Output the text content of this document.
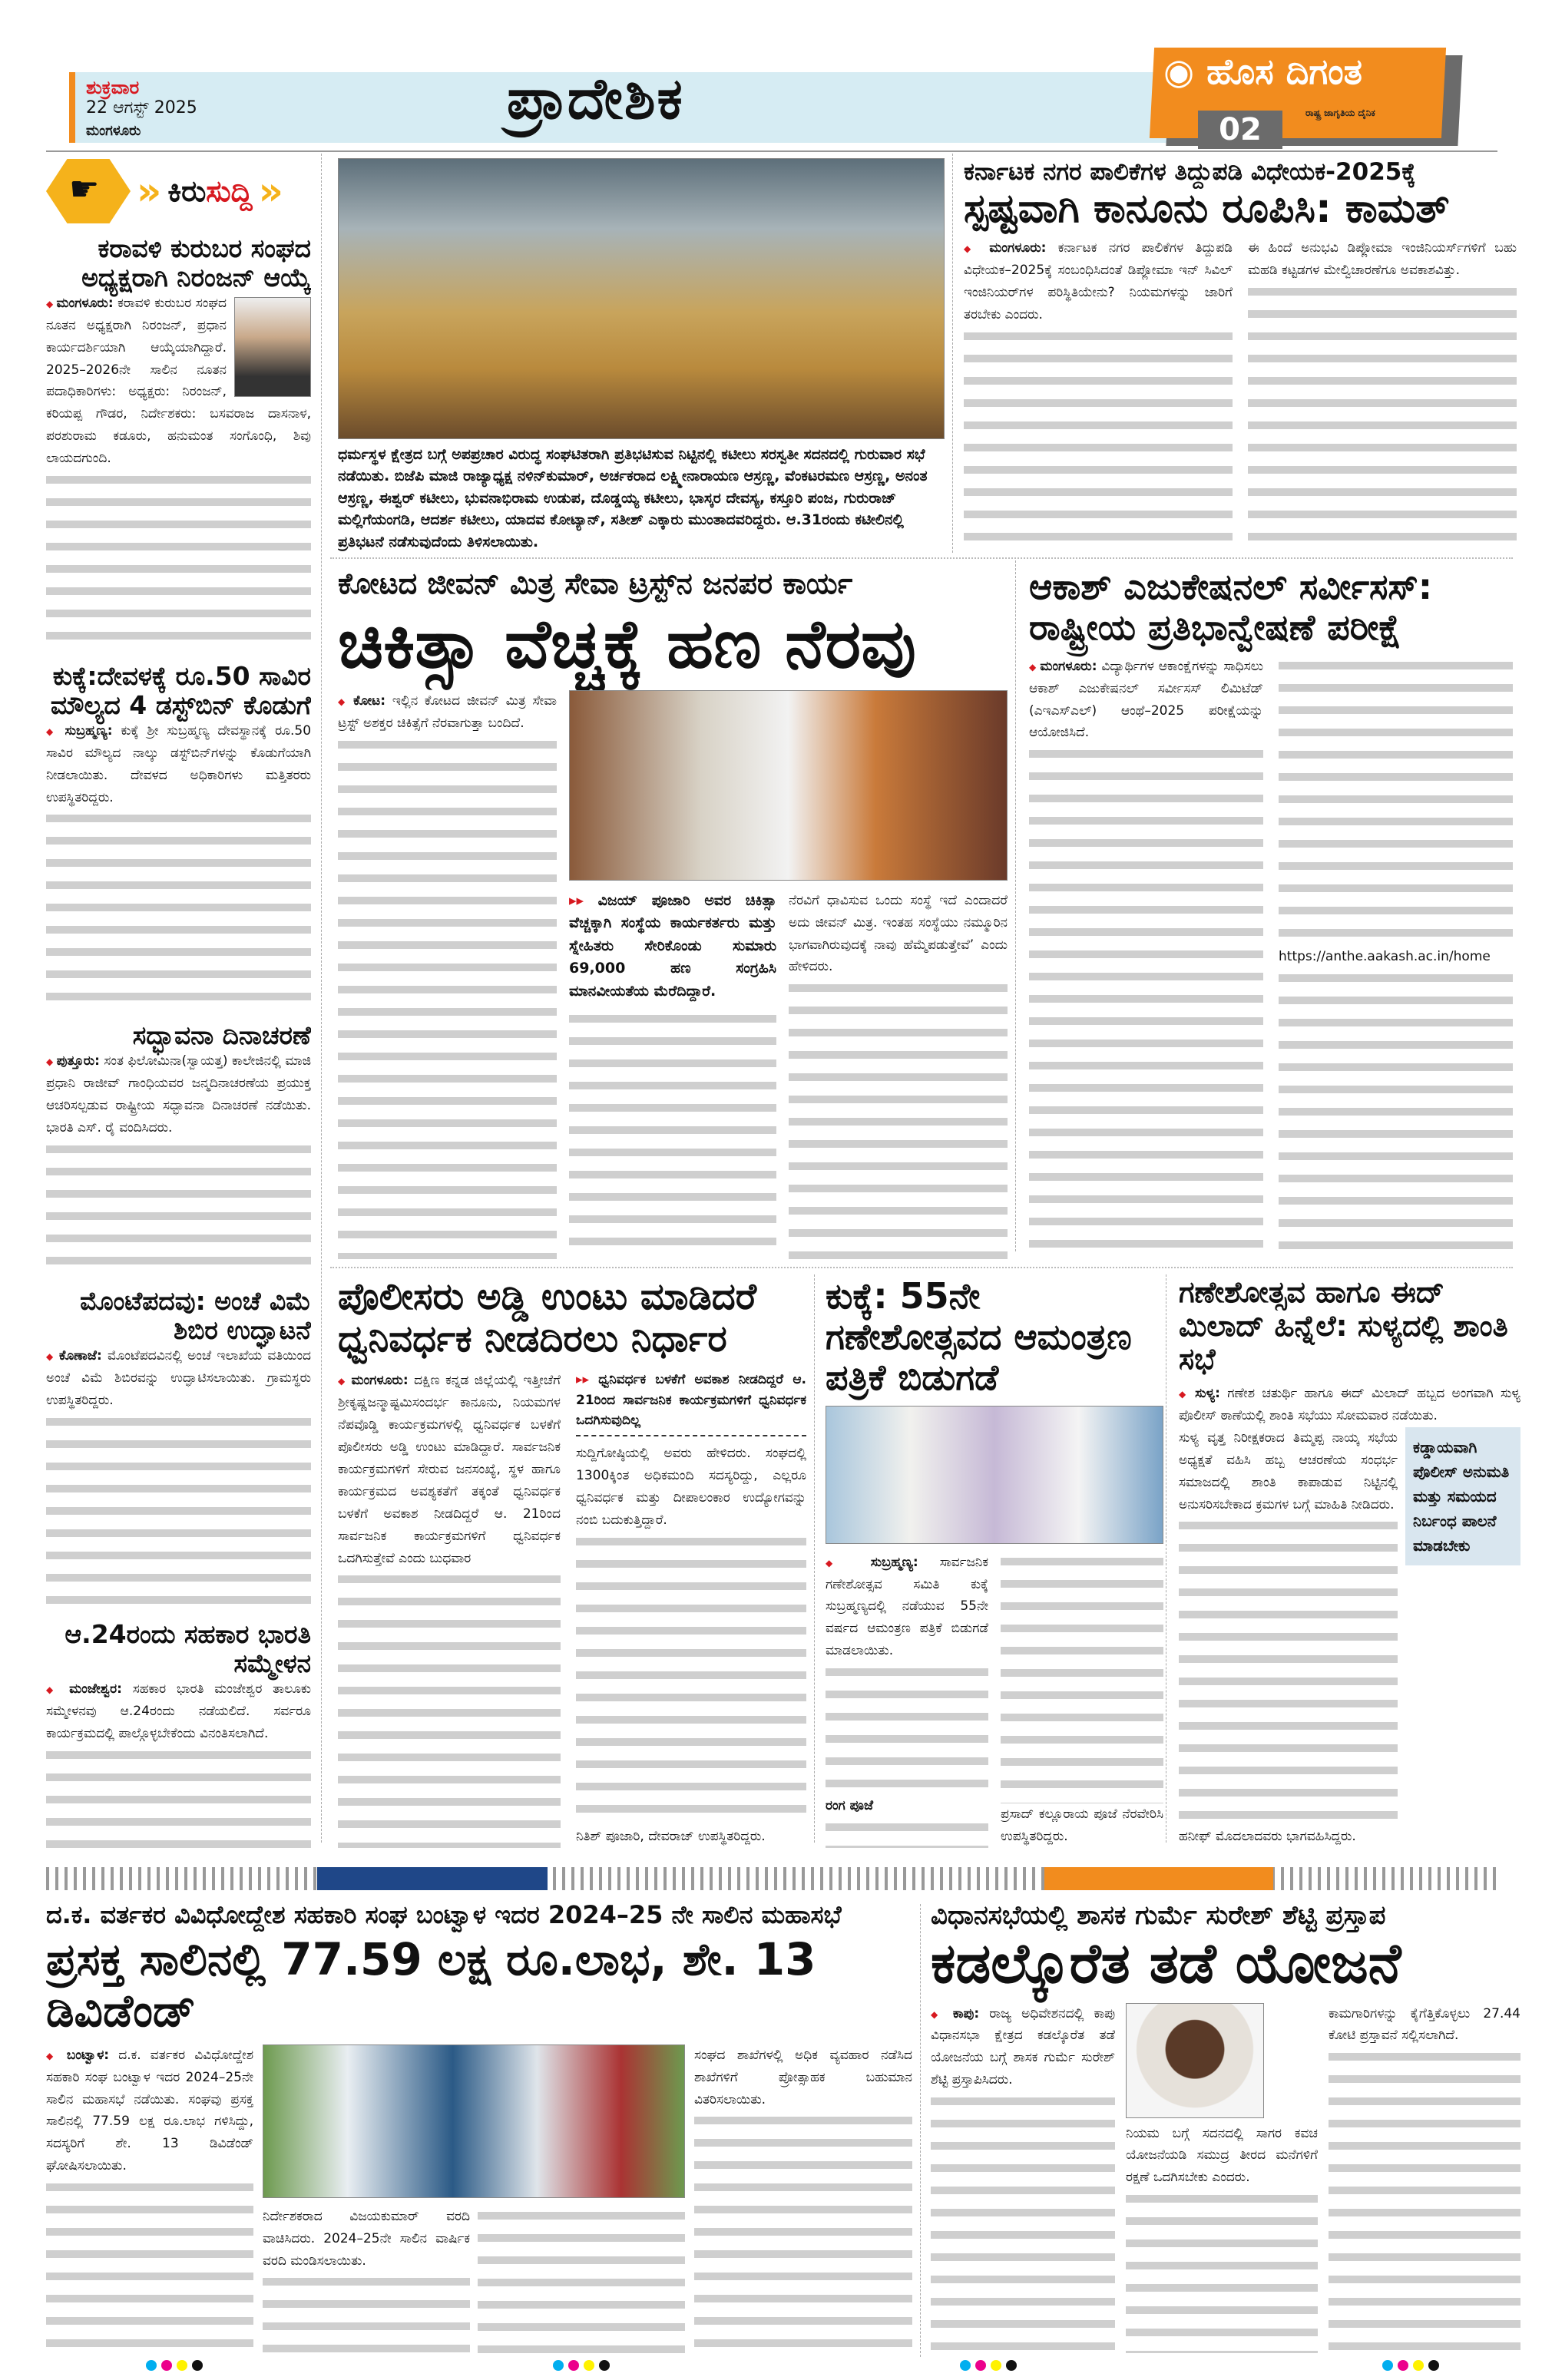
ಶುಕ್ರವಾರ
22 ಆಗಸ್ಟ್ 2025
ಮಂಗಳೂರು	ಪ್ರಾದೇಶಿಕ	◉ ಹೊಸ ದಿಗಂತ
ರಾಷ್ಟ್ರ ಜಾಗೃತಿಯ ದೈನಿಕ
02
☛ » ಕಿರುಸುದ್ದಿ »
ಕರಾವಳಿ ಕುರುಬರ ಸಂಘದ ಅಧ್ಯಕ್ಷರಾಗಿ ನಿರಂಜನ್ ಆಯ್ಕೆ
◆ ಮಂಗಳೂರು: ಕರಾವಳಿ ಕುರುಬರ ಸಂಘದ ನೂತನ ಅಧ್ಯಕ್ಷರಾಗಿ ನಿರಂಜನ್, ಪ್ರಧಾನ ಕಾರ್ಯದರ್ಶಿಯಾಗಿ ಆಯ್ಕೆಯಾಗಿದ್ದಾರೆ. 2025–2026ನೇ ಸಾಲಿನ ನೂತನ ಪದಾಧಿಕಾರಿಗಳು: ಅಧ್ಯಕ್ಷರು: ನಿರಂಜನ್, ಕರಿಯಪ್ಪ ಗೌಡರ, ನಿರ್ದೇಶಕರು: ಬಸವರಾಜ ದಾಸನಾಳ, ಪರಶುರಾಮ ಕಡೂರು, ಹನುಮಂತ ಸಂಗೊಂಧಿ, ಶಿವು ಲಾಯದಗುಂದಿ.
ಕುಕ್ಕೆ:ದೇವಳಕ್ಕೆ ರೂ.50 ಸಾವಿರ ಮೌಲ್ಯದ 4 ಡಸ್ಟ್‌ಬಿನ್ ಕೊಡುಗೆ

◆ ಸುಬ್ರಹ್ಮಣ್ಯ: ಕುಕ್ಕೆ ಶ್ರೀ ಸುಬ್ರಹ್ಮಣ್ಯ ದೇವಸ್ಥಾನಕ್ಕೆ ರೂ.50 ಸಾವಿರ ಮೌಲ್ಯದ ನಾಲ್ಕು ಡಸ್ಟ್‌ಬಿನ್‌ಗಳನ್ನು ಕೊಡುಗೆಯಾಗಿ ನೀಡಲಾಯಿತು. ದೇವಳದ ಅಧಿಕಾರಿಗಳು ಮತ್ತಿತರರು ಉಪಸ್ಥಿತರಿದ್ದರು.

ಸದ್ಭಾವನಾ ದಿನಾಚರಣೆ

◆ ಪುತ್ತೂರು: ಸಂತ ಫಿಲೋಮಿನಾ(ಸ್ವಾಯತ್ತ) ಕಾಲೇಜಿನಲ್ಲಿ ಮಾಜಿ ಪ್ರಧಾನಿ ರಾಜೀವ್ ಗಾಂಧಿಯವರ ಜನ್ಮದಿನಾಚರಣೆಯ ಪ್ರಯುಕ್ತ ಆಚರಿಸಲ್ಪಡುವ ರಾಷ್ಟ್ರೀಯ ಸದ್ಭಾವನಾ ದಿನಾಚರಣೆ ನಡೆಯಿತು. ಭಾರತಿ ಎಸ್. ರೈ ವಂದಿಸಿದರು.

ಮೊಂಟೆಪದವು: ಅಂಚೆ ವಿಮೆ ಶಿಬಿರ ಉದ್ಘಾಟನೆ

◆ ಕೊಣಾಜೆ: ಮೊಂಟೆಪದವಿನಲ್ಲಿ ಅಂಚೆ ಇಲಾಖೆಯ ವತಿಯಿಂದ ಅಂಚೆ ವಿಮೆ ಶಿಬಿರವನ್ನು ಉದ್ಘಾಟಿಸಲಾಯಿತು. ಗ್ರಾಮಸ್ಥರು ಉಪಸ್ಥಿತರಿದ್ದರು.

ಆ.24ರಂದು ಸಹಕಾರ ಭಾರತಿ ಸಮ್ಮೇಳನ

◆ ಮಂಜೇಶ್ವರ: ಸಹಕಾರ ಭಾರತಿ ಮಂಜೇಶ್ವರ ತಾಲೂಕು ಸಮ್ಮೇಳನವು ಆ.24ರಂದು ನಡೆಯಲಿದೆ. ಸರ್ವರೂ ಕಾರ್ಯಕ್ರಮದಲ್ಲಿ ಪಾಲ್ಗೊಳ್ಳಬೇಕೆಂದು ವಿನಂತಿಸಲಾಗಿದೆ.

ಧರ್ಮಸ್ಥಳ ಕ್ಷೇತ್ರದ ಬಗ್ಗೆ ಅಪಪ್ರಚಾರ ವಿರುದ್ಧ ಸಂಘಟಿತರಾಗಿ ಪ್ರತಿಭಟಿಸುವ ನಿಟ್ಟಿನಲ್ಲಿ ಕಟೀಲು ಸರಸ್ವತೀ ಸದನದಲ್ಲಿ ಗುರುವಾರ ಸಭೆ ನಡೆಯಿತು. ಬಿಜೆಪಿ ಮಾಜಿ ರಾಜ್ಯಾಧ್ಯಕ್ಷ ನಳಿನ್‌ಕುಮಾರ್, ಅರ್ಚಕರಾದ ಲಕ್ಷ್ಮೀನಾರಾಯಣ ಆಸ್ರಣ್ಣ, ವೆಂಕಟರಮಣ ಆಸ್ರಣ್ಣ, ಅನಂತ ಆಸ್ರಣ್ಣ, ಈಶ್ವರ್ ಕಟೀಲು, ಭುವನಾಭಿರಾಮ ಉಡುಪ, ದೊಡ್ಡಯ್ಯ ಕಟೀಲು, ಭಾಸ್ಕರ ದೇವಸ್ಯ, ಕಸ್ತೂರಿ ಪಂಜ, ಗುರುರಾಜ್ ಮಲ್ಲಿಗೆಯಂಗಡಿ, ಆದರ್ಶ ಕಟೀಲು, ಯಾದವ ಕೋಟ್ಯಾನ್, ಸತೀಶ್ ಎಕ್ಕಾರು ಮುಂತಾದವರಿದ್ದರು. ಆ.31ರಂದು ಕಟೀಲಿನಲ್ಲಿ ಪ್ರತಿಭಟನೆ ನಡೆಸುವುದೆಂದು ತಿಳಿಸಲಾಯಿತು.
ಕರ್ನಾಟಕ ನಗರ ಪಾಲಿಕೆಗಳ ತಿದ್ದುಪಡಿ ವಿಧೇಯಕ-2025ಕ್ಕೆ
ಸ್ಪಷ್ಟವಾಗಿ ಕಾನೂನು ರೂಪಿಸಿ: ಕಾಮತ್

◆ ಮಂಗಳೂರು: ಕರ್ನಾಟಕ ನಗರ ಪಾಲಿಕೆಗಳ ತಿದ್ದುಪಡಿ ವಿಧೇಯಕ–2025ಕ್ಕೆ ಸಂಬಂಧಿಸಿದಂತೆ ಡಿಪ್ಲೋಮಾ ಇನ್ ಸಿವಿಲ್ ಇಂಜಿನಿಯರ್‌ಗಳ ಪರಿಸ್ಥಿತಿಯೇನು? ನಿಯಮಗಳನ್ನು ಜಾರಿಗೆ ತರಬೇಕು ಎಂದರು.

ಈ ಹಿಂದೆ ಅನುಭವಿ ಡಿಪ್ಲೋಮಾ ಇಂಜಿನಿಯರ್ಸ್‌ಗಳಿಗೆ ಬಹು ಮಹಡಿ ಕಟ್ಟಡಗಳ ಮೇಲ್ವಿಚಾರಣೆಗೂ ಅವಕಾಶವಿತ್ತು.

ಕೋಟದ ಜೀವನ್ ಮಿತ್ರ ಸೇವಾ ಟ್ರಸ್ಟ್‌ನ ಜನಪರ ಕಾರ್ಯ
ಚಿಕಿತ್ಸಾ ವೆಚ್ಚಕ್ಕೆ ಹಣ ನೆರವು

◆ ಕೋಟ: ಇಲ್ಲಿನ ಕೋಟದ ಜೀವನ್ ಮಿತ್ರ ಸೇವಾ ಟ್ರಸ್ಟ್ ಅಶಕ್ತರ ಚಿಕಿತ್ಸೆಗೆ ನೆರವಾಗುತ್ತಾ ಬಂದಿದೆ.

▸▸ ವಿಜಯ್ ಪೂಜಾರಿ ಅವರ ಚಿಕಿತ್ಸಾ ವೆಚ್ಚಕ್ಕಾಗಿ ಸಂಸ್ಥೆಯ ಕಾರ್ಯಕರ್ತರು ಮತ್ತು ಸ್ನೇಹಿತರು ಸೇರಿಕೊಂಡು ಸುಮಾರು 69,000 ಹಣ ಸಂಗ್ರಹಿಸಿ ಮಾನವೀಯತೆಯ ಮೆರೆದಿದ್ದಾರೆ.

ನೆರವಿಗೆ ಧಾವಿಸುವ ಒಂದು ಸಂಸ್ಥೆ ಇದೆ ಎಂದಾದರೆ ಅದು ಜೀವನ್ ಮಿತ್ರ. ಇಂತಹ ಸಂಸ್ಥೆಯು ನಮ್ಮೂರಿನ ಭಾಗವಾಗಿರುವುದಕ್ಕೆ ನಾವು ಹೆಮ್ಮೆಪಡುತ್ತೇವೆ’ ಎಂದು ಹೇಳಿದರು.

ಆಕಾಶ್ ಎಜುಕೇಷನಲ್ ಸರ್ವೀಸಸ್: ರಾಷ್ಟ್ರೀಯ ಪ್ರತಿಭಾನ್ವೇಷಣೆ ಪರೀಕ್ಷೆ

◆ ಮಂಗಳೂರು: ವಿದ್ಯಾರ್ಥಿಗಳ ಆಕಾಂಕ್ಷೆಗಳನ್ನು ಸಾಧಿಸಲು ಆಕಾಶ್ ಎಜುಕೇಷನಲ್ ಸರ್ವೀಸಸ್ ಲಿಮಿಟೆಡ್ (ಎಇಎಸ್‌ಎಲ್) ಆಂಥೆ–2025 ಪರೀಕ್ಷೆಯನ್ನು ಆಯೋಜಿಸಿದೆ.

https://anthe.aakash.ac.in/home

ಪೊಲೀಸರು ಅಡ್ಡಿ ಉಂಟು ಮಾಡಿದರೆ ಧ್ವನಿವರ್ಧಕ ನೀಡದಿರಲು ನಿರ್ಧಾರ

◆ ಮಂಗಳೂರು: ದಕ್ಷಿಣ ಕನ್ನಡ ಜಿಲ್ಲೆಯಲ್ಲಿ ಇತ್ತೀಚೆಗೆ ಶ್ರೀಕೃಷ್ಣಜನ್ಮಾಷ್ಟಮಿಸಂದರ್ಭ ಕಾನೂನು, ನಿಯಮಗಳ ನೆಪವೊಡ್ಡಿ ಕಾರ್ಯಕ್ರಮಗಳಲ್ಲಿ ಧ್ವನಿವರ್ಧಕ ಬಳಕೆಗೆ ಪೊಲೀಸರು ಅಡ್ಡಿ ಉಂಟು ಮಾಡಿದ್ದಾರೆ. ಸಾರ್ವಜನಿಕ ಕಾರ್ಯಕ್ರಮಗಳಿಗೆ ಸೇರುವ ಜನಸಂಖ್ಯೆ, ಸ್ಥಳ ಹಾಗೂ ಕಾರ್ಯಕ್ರಮದ ಅವಶ್ಯಕತೆಗೆ ತಕ್ಕಂತೆ ಧ್ವನಿವರ್ಧಕ ಬಳಕೆಗೆ ಅವಕಾಶ ನೀಡದಿದ್ದರೆ ಆ. 21ರಿಂದ ಸಾರ್ವಜನಿಕ ಕಾರ್ಯಕ್ರಮಗಳಿಗೆ ಧ್ವನಿವರ್ಧಕ ಒದಗಿಸುತ್ತೇವೆ ಎಂದು ಬುಧವಾರ

▸▸ ಧ್ವನಿವರ್ಧಕ ಬಳಕೆಗೆ ಅವಕಾಶ ನೀಡದಿದ್ದರೆ ಆ. 21ರಿಂದ ಸಾರ್ವಜನಿಕ ಕಾರ್ಯಕ್ರಮಗಳಿಗೆ ಧ್ವನಿವರ್ಧಕ ಒದಗಿಸುವುದಿಲ್ಲ

ಸುದ್ದಿಗೋಷ್ಠಿಯಲ್ಲಿ ಅವರು ಹೇಳಿದರು. ಸಂಘದಲ್ಲಿ 1300ಕ್ಕಿಂತ ಅಧಿಕಮಂದಿ ಸದಸ್ಯರಿದ್ದು, ಎಲ್ಲರೂ ಧ್ವನಿವರ್ಧಕ ಮತ್ತು ದೀಪಾಲಂಕಾರ ಉದ್ಯೋಗವನ್ನು ನಂಬಿ ಬದುಕುತ್ತಿದ್ದಾರೆ.

ನಿತಿಶ್ ಪೂಜಾರಿ, ದೇವರಾಜ್ ಉಪಸ್ಥಿತರಿದ್ದರು.

ಕುಕ್ಕೆ: 55ನೇ ಗಣೇಶೋತ್ಸವದ ಆಮಂತ್ರಣ ಪತ್ರಿಕೆ ಬಿಡುಗಡೆ

◆ ಸುಬ್ರಹ್ಮಣ್ಯ: ಸಾರ್ವಜನಿಕ ಗಣೇಶೋತ್ಸವ ಸಮಿತಿ ಕುಕ್ಕೆ ಸುಬ್ರಹ್ಮಣ್ಯದಲ್ಲಿ ನಡೆಯುವ 55ನೇ ವರ್ಷದ ಆಮಂತ್ರಣ ಪತ್ರಿಕೆ ಬಿಡುಗಡೆ ಮಾಡಲಾಯಿತು.

ರಂಗ ಪೂಜೆ

ಪ್ರಸಾದ್ ಕಲ್ಲೂರಾಯ ಪೂಜೆ ನೆರವೇರಿಸಿ ಉಪಸ್ಥಿತರಿದ್ದರು.

ಗಣೇಶೋತ್ಸವ ಹಾಗೂ ಈದ್ ಮಿಲಾದ್ ಹಿನ್ನೆಲೆ: ಸುಳ್ಯದಲ್ಲಿ ಶಾಂತಿ ಸಭೆ

◆ ಸುಳ್ಯ: ಗಣೇಶ ಚತುರ್ಥಿ ಹಾಗೂ ಈದ್ ಮಿಲಾದ್ ಹಬ್ಬದ ಅಂಗವಾಗಿ ಸುಳ್ಯ ಪೊಲೀಸ್ ಠಾಣೆಯಲ್ಲಿ ಶಾಂತಿ ಸಭೆಯು ಸೋಮವಾರ ನಡೆಯಿತು.

ಸುಳ್ಯ ವೃತ್ತ ನಿರೀಕ್ಷಕರಾದ ತಿಮ್ಮಪ್ಪ ನಾಯ್ಕ ಸಭೆಯ ಅಧ್ಯಕ್ಷತೆ ವಹಿಸಿ ಹಬ್ಬ ಆಚರಣೆಯ ಸಂಧರ್ಭ ಸಮಾಜದಲ್ಲಿ ಶಾಂತಿ ಕಾಪಾಡುವ ನಿಟ್ಟಿನಲ್ಲಿ ಅನುಸರಿಸಬೇಕಾದ ಕ್ರಮಗಳ ಬಗ್ಗೆ ಮಾಹಿತಿ ನೀಡಿದರು.

ಕಡ್ಡಾಯವಾಗಿ ಪೊಲೀಸ್ ಅನುಮತಿ ಮತ್ತು ಸಮಯದ ನಿರ್ಬಂಧ ಪಾಲನೆ ಮಾಡಬೇಕು

ಹನೀಫ್ ಮೊದಲಾದವರು ಭಾಗವಹಿಸಿದ್ದರು.

ದ.ಕ. ವರ್ತಕರ ವಿವಿಧೋದ್ದೇಶ ಸಹಕಾರಿ ಸಂಘ ಬಂಟ್ವಾಳ ಇದರ 2024–25 ನೇ ಸಾಲಿನ ಮಹಾಸಭೆ
ಪ್ರಸಕ್ತ ಸಾಲಿನಲ್ಲಿ 77.59 ಲಕ್ಷ ರೂ.ಲಾಭ, ಶೇ. 13 ಡಿವಿಡೆಂಡ್

◆ ಬಂಟ್ವಾಳ: ದ.ಕ. ವರ್ತಕರ ವಿವಿಧೋದ್ದೇಶ ಸಹಕಾರಿ ಸಂಘ ಬಂಟ್ವಾಳ ಇದರ 2024–25ನೇ ಸಾಲಿನ ಮಹಾಸಭೆ ನಡೆಯಿತು. ಸಂಘವು ಪ್ರಸಕ್ತ ಸಾಲಿನಲ್ಲಿ 77.59 ಲಕ್ಷ ರೂ.ಲಾಭ ಗಳಿಸಿದ್ದು, ಸದಸ್ಯರಿಗೆ ಶೇ. 13 ಡಿವಿಡೆಂಡ್ ಘೋಷಿಸಲಾಯಿತು.

ನಿರ್ದೇಶಕರಾದ ವಿಜಯಕುಮಾರ್ ವರದಿ ವಾಚಿಸಿದರು. 2024–25ನೇ ಸಾಲಿನ ವಾರ್ಷಿಕ ವರದಿ ಮಂಡಿಸಲಾಯಿತು.

ಸಂಘದ ಶಾಖೆಗಳಲ್ಲಿ ಅಧಿಕ ವ್ಯವಹಾರ ನಡೆಸಿದ ಶಾಖೆಗಳಿಗೆ ಪ್ರೋತ್ಸಾಹಕ ಬಹುಮಾನ ವಿತರಿಸಲಾಯಿತು.

ವಿಧಾನಸಭೆಯಲ್ಲಿ ಶಾಸಕ ಗುರ್ಮೆ ಸುರೇಶ್ ಶೆಟ್ಟಿ ಪ್ರಸ್ತಾಪ
ಕಡಲ್ಕೊರೆತ ತಡೆ ಯೋಜನೆ

◆ ಕಾಪು: ರಾಜ್ಯ ಅಧಿವೇಶನದಲ್ಲಿ ಕಾಪು ವಿಧಾನಸಭಾ ಕ್ಷೇತ್ರದ ಕಡಲ್ಕೊರೆತ ತಡೆ ಯೋಜನೆಯ ಬಗ್ಗೆ ಶಾಸಕ ಗುರ್ಮೆ ಸುರೇಶ್ ಶೆಟ್ಟಿ ಪ್ರಸ್ತಾಪಿಸಿದರು.

ನಿಯಮ ಬಗ್ಗೆ ಸದನದಲ್ಲಿ ಸಾಗರ ಕವಚ ಯೋಜನೆಯಡಿ ಸಮುದ್ರ ತೀರದ ಮನೆಗಳಿಗೆ ರಕ್ಷಣೆ ಒದಗಿಸಬೇಕು ಎಂದರು.

ಕಾಮಗಾರಿಗಳನ್ನು ಕೈಗೆತ್ತಿಕೊಳ್ಳಲು 27.44 ಕೋಟಿ ಪ್ರಸ್ತಾವನೆ ಸಲ್ಲಿಸಲಾಗಿದೆ.
